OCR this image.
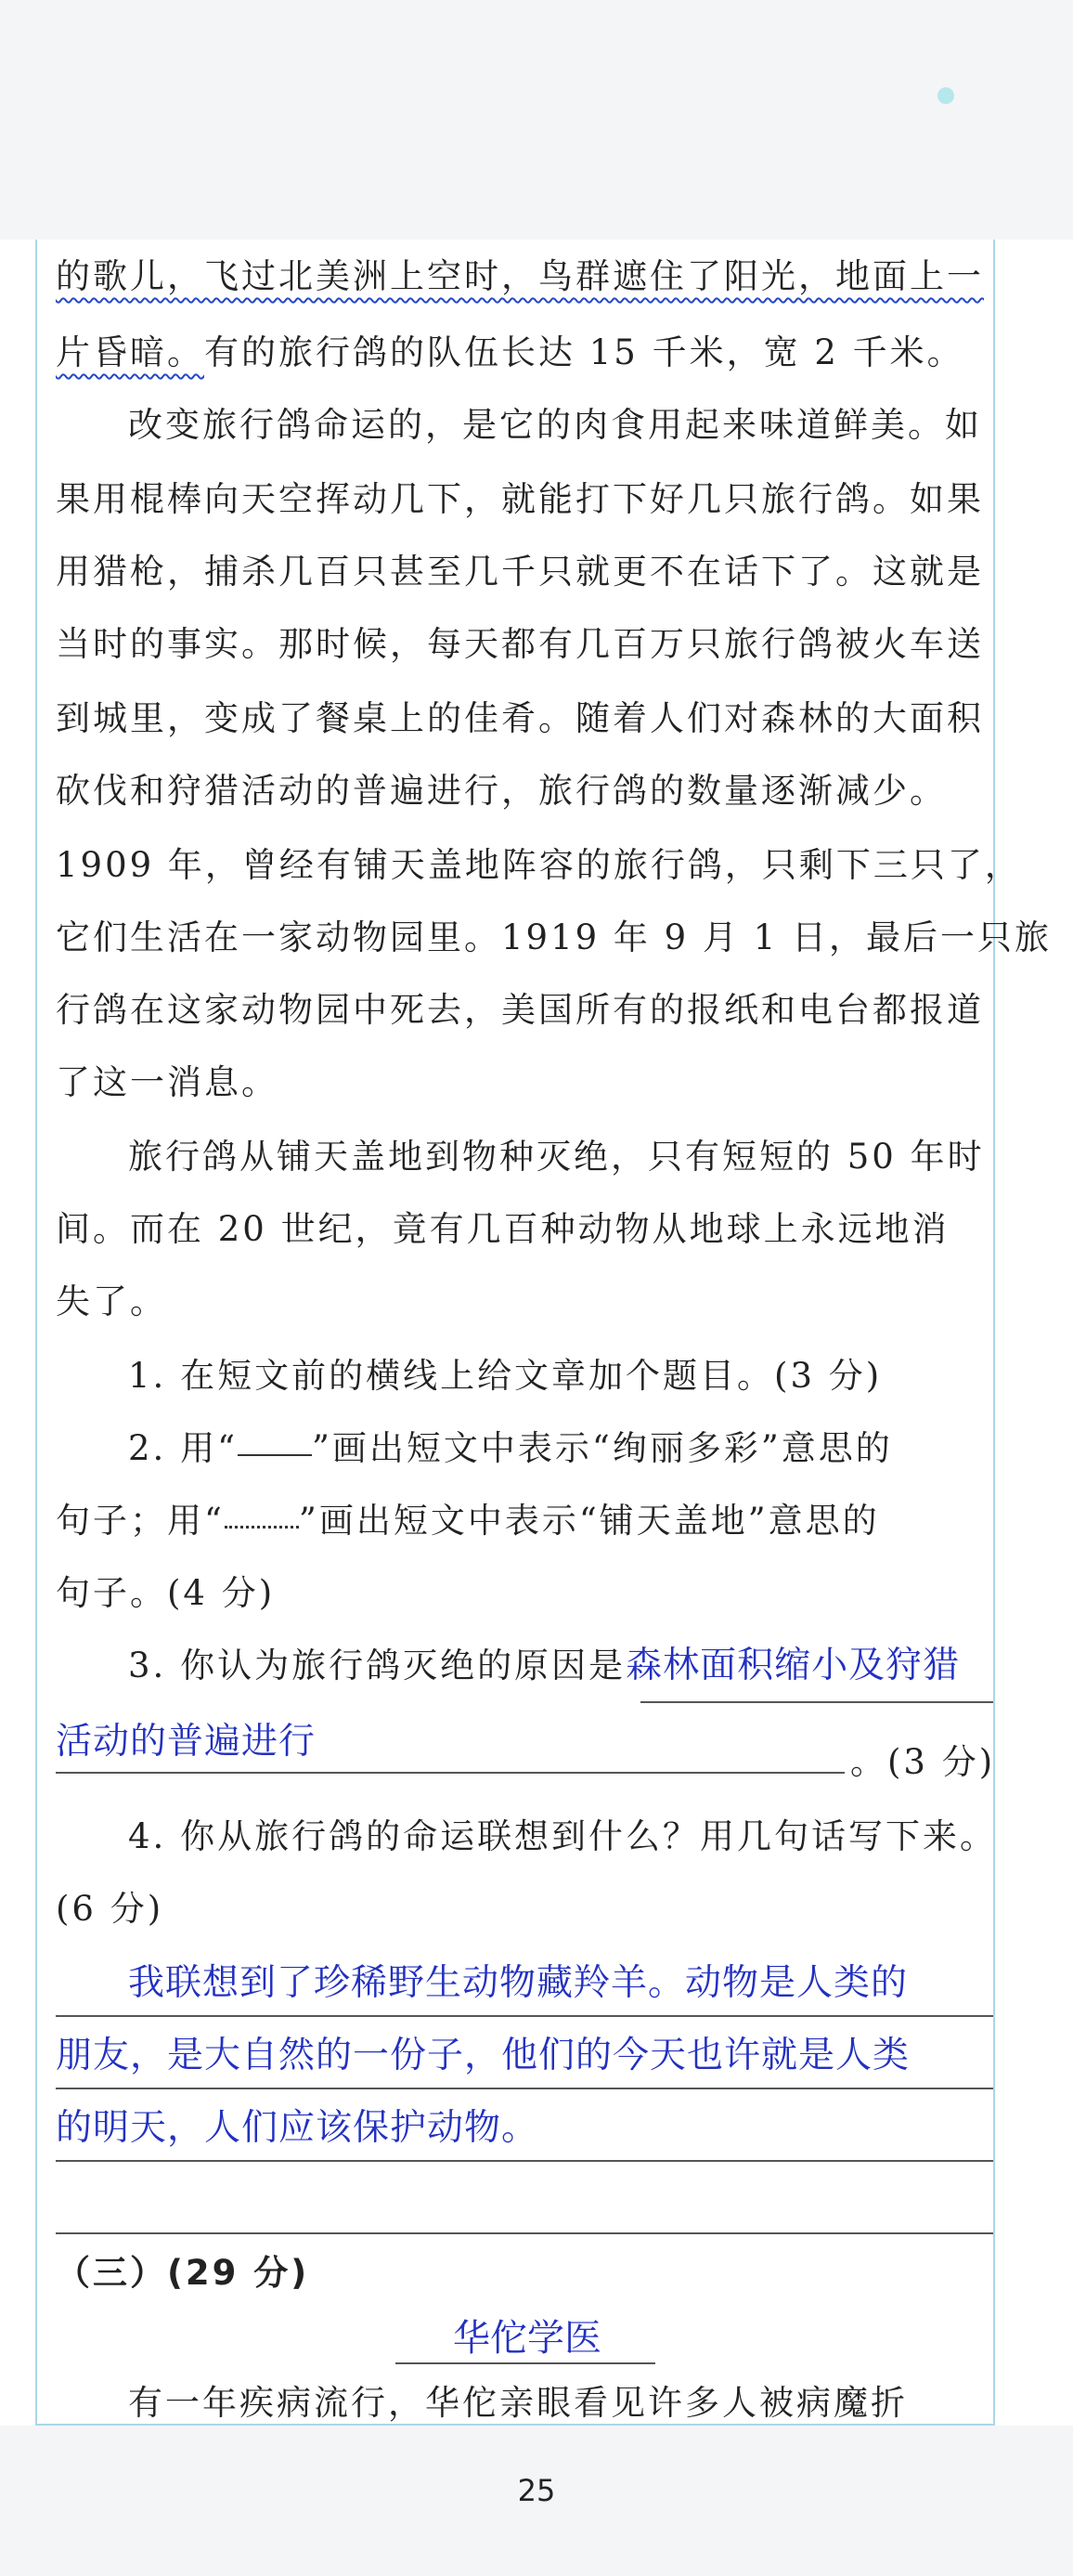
25
的歌儿，飞过北美洲上空时，鸟群遮住了阳光，地面上一
片昏暗。有的旅行鸽的队伍长达 15 千米，宽 2 千米。
改变旅行鸽命运的，是它的肉食用起来味道鲜美。如
果用棍棒向天空挥动几下，就能打下好几只旅行鸽。如果
用猎枪，捕杀几百只甚至几千只就更不在话下了。这就是
当时的事实。那时候，每天都有几百万只旅行鸽被火车送
到城里，变成了餐桌上的佳肴。随着人们对森林的大面积
砍伐和狩猎活动的普遍进行，旅行鸽的数量逐渐减少。
1909 年，曾经有铺天盖地阵容的旅行鸽，只剩下三只了，
它们生活在一家动物园里。1919 年 9 月 1 日，最后一只旅
行鸽在这家动物园中死去，美国所有的报纸和电台都报道
了这一消息。
旅行鸽从铺天盖地到物种灭绝，只有短短的 50 年时
间。而在 20 世纪，竟有几百种动物从地球上永远地消
失了。
1. 在短文前的横线上给文章加个题目。(3 分)
2. 用“ ”画出短文中表示“绚丽多彩”意思的
句子；用“ ”画出短文中表示“铺天盖地”意思的
句子。(4 分)
3. 你认为旅行鸽灭绝的原因是森林面积缩小及狩猎
活动的普遍进行	。(3 分)
4. 你从旅行鸽的命运联想到什么？用几句话写下来。
(6 分)
我联想到了珍稀野生动物藏羚羊。动物是人类的
朋友，是大自然的一份子，他们的今天也许就是人类
的明天，人们应该保护动物。
（三）(29 分)
华佗学医
有一年疾病流行，华佗亲眼看见许多人被病魔折
